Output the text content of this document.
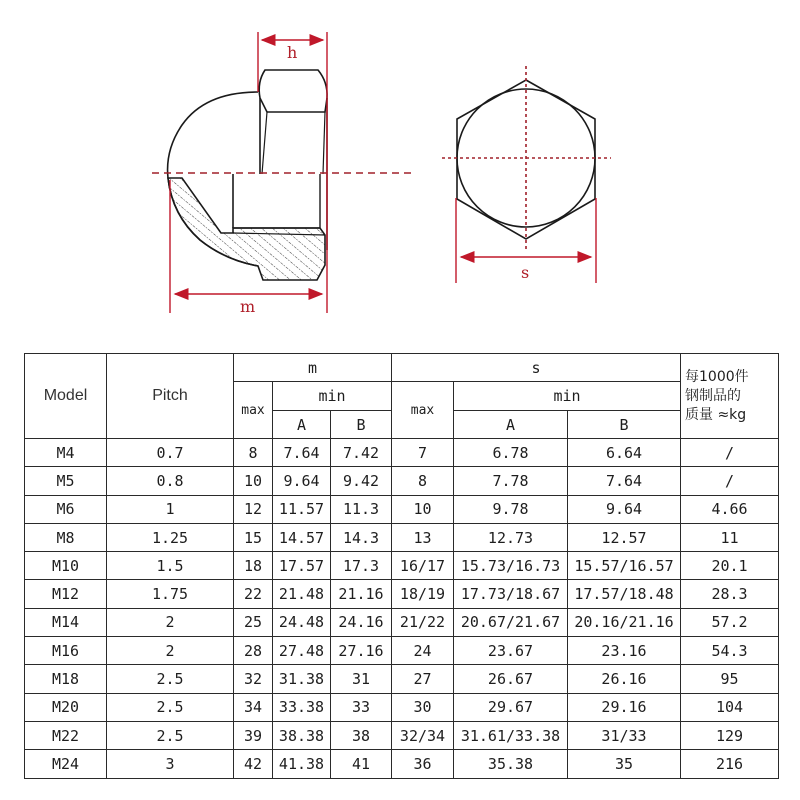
h
m
s
Model	Pitch	m			s			每1000件
钢制品的
质量 ≈kg

		max	min		max	min		
			A	B		A	B	
M4	0.7	8	7.64	7.42	7	6.78	6.64	/
M5	0.8	10	9.64	9.42	8	7.78	7.64	/
M6	1	12	11.57	11.3	10	9.78	9.64	4.66
M8	1.25	15	14.57	14.3	13	12.73	12.57	11
M10	1.5	18	17.57	17.3	16/17	15.73/16.73	15.57/16.57	20.1
M12	1.75	22	21.48	21.16	18/19	17.73/18.67	17.57/18.48	28.3
M14	2	25	24.48	24.16	21/22	20.67/21.67	20.16/21.16	57.2
M16	2	28	27.48	27.16	24	23.67	23.16	54.3
M18	2.5	32	31.38	31	27	26.67	26.16	95
M20	2.5	34	33.38	33	30	29.67	29.16	104
M22	2.5	39	38.38	38	32/34	31.61/33.38	31/33	129
M24	3	42	41.38	41	36	35.38	35	216
